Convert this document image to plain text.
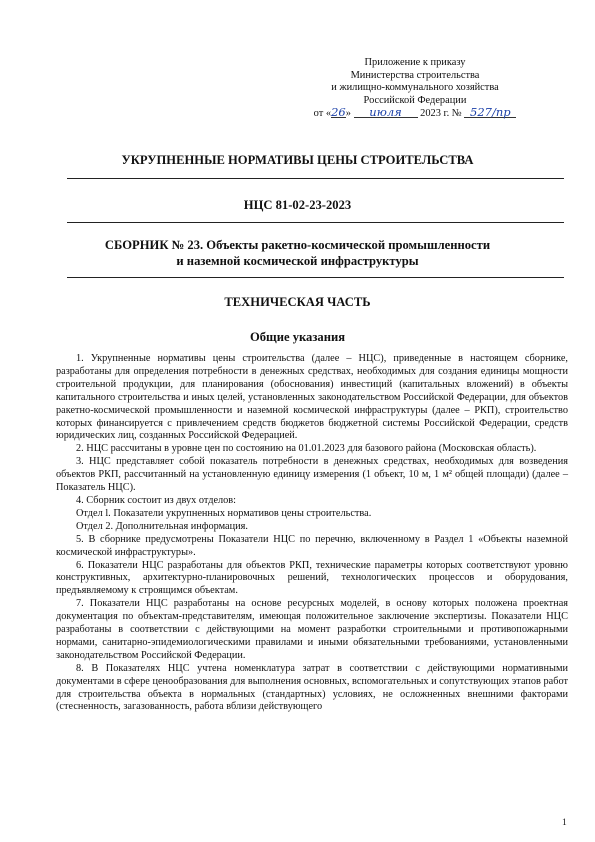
Приложение к приказу
Министерства строительства
и жилищно-коммунального хозяйства
Российской Федерации
от «26» июля 2023 г. № 527/пр
УКРУПНЕННЫЕ НОРМАТИВЫ ЦЕНЫ СТРОИТЕЛЬСТВА
НЦС 81-02-23-2023
СБОРНИК № 23. Объекты ракетно-космической промышленности
и наземной космической инфраструктуры
ТЕХНИЧЕСКАЯ ЧАСТЬ
Общие указания

1. Укрупненные нормативы цены строительства (далее – НЦС), приведенные в настоящем сборнике, разработаны для определения потребности в денежных средствах, необходимых для создания единицы мощности строительной продукции, для планирования (обоснования) инвестиций (капитальных вложений) в объекты капитального строительства и иных целей, установленных законодательством Российской Федерации, для объектов ракетно-космической промышленности и наземной космической инфраструктуры (далее – РКП), строительство которых финансируется с привлечением средств бюджетов бюджетной системы Российской Федерации, средств юридических лиц, созданных Российской Федерацией.

2. НЦС рассчитаны в уровне цен по состоянию на 01.01.2023 для базового района (Московская область).

3. НЦС представляет собой показатель потребности в денежных средствах, необходимых для возведения объектов РКП, рассчитанный на установленную единицу измерения (1 объект, 10 м, 1 м² общей площади) (далее – Показатель НЦС).

4. Сборник состоит из двух отделов:

Отдел l. Показатели укрупненных нормативов цены строительства.

Отдел 2. Дополнительная информация.

5. В сборнике предусмотрены Показатели НЦС по перечню, включенному в Раздел 1 «Объекты наземной космической инфраструктуры».

6. Показатели НЦС разработаны для объектов РКП, технические параметры которых соответствуют уровню конструктивных, архитектурно-планировочных решений, технологических процессов и оборудования, предъявляемому к строящимся объектам.

7. Показатели НЦС разработаны на основе ресурсных моделей, в основу которых положена проектная документация по объектам-представителям, имеющая положительное заключение экспертизы. Показатели НЦС разработаны в соответствии с действующими на момент разработки строительными и противопожарными нормами, санитарно-эпидемиологическими правилами и иными обязательными требованиями, установленными законодательством Российской Федерации.

8. В Показателях НЦС учтена номенклатура затрат в соответствии с действующими нормативными документами в сфере ценообразования для выполнения основных, вспомогательных и сопутствующих этапов работ для строительства объекта в нормальных (стандартных) условиях, не осложненных внешними факторами (стесненность, загазованность, работа вблизи действующего

1
